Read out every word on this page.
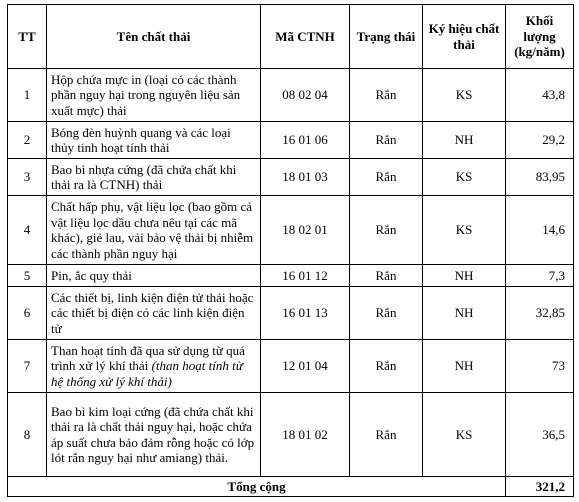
TT	Tên chất thải	Mã CTNH	Trạng thái	Ký hiệu chất thải	Khối lượng (kg/năm)
1	Hộp chứa mực in (loại có các thành phần nguy hại trong nguyên liệu sản xuất mực) thải	08 02 04	Rắn	KS	43,8
2	Bóng đèn huỳnh quang và các loại thủy tinh hoạt tính thải	16 01 06	Rắn	NH	29,2
3	Bao bì nhựa cứng (đã chứa chất khi thải ra là CTNH) thải	18 01 03	Rắn	KS	83,95
4	Chất hấp phụ, vật liệu lọc (bao gồm cả vật liệu lọc dầu chưa nêu tại các mã khác), giẻ lau, vải bảo vệ thải bị nhiễm các thành phần nguy hại	18 02 01	Rắn	KS	14,6
5	Pin, ắc quy thải	16 01 12	Rắn	NH	7,3
6	Các thiết bị, linh kiện điện tử thải hoặc các thiết bị điện có các linh kiện điện tử	16 01 13	Rắn	NH	32,85
7	Than hoạt tính đã qua sử dụng từ quá trình xử lý khí thải (than hoạt tính từ hệ thống xử lý khí thải)	12 01 04	Rắn	NH	73
8	Bao bì kim loại cứng (đã chứa chất khi thải ra là chất thải nguy hại, hoặc chứa áp suất chưa bảo đảm rỗng hoặc có lớp lót rắn nguy hại như amiang) thải.	18 01 02	Rắn	KS	36,5
Tổng cộng					321,2
